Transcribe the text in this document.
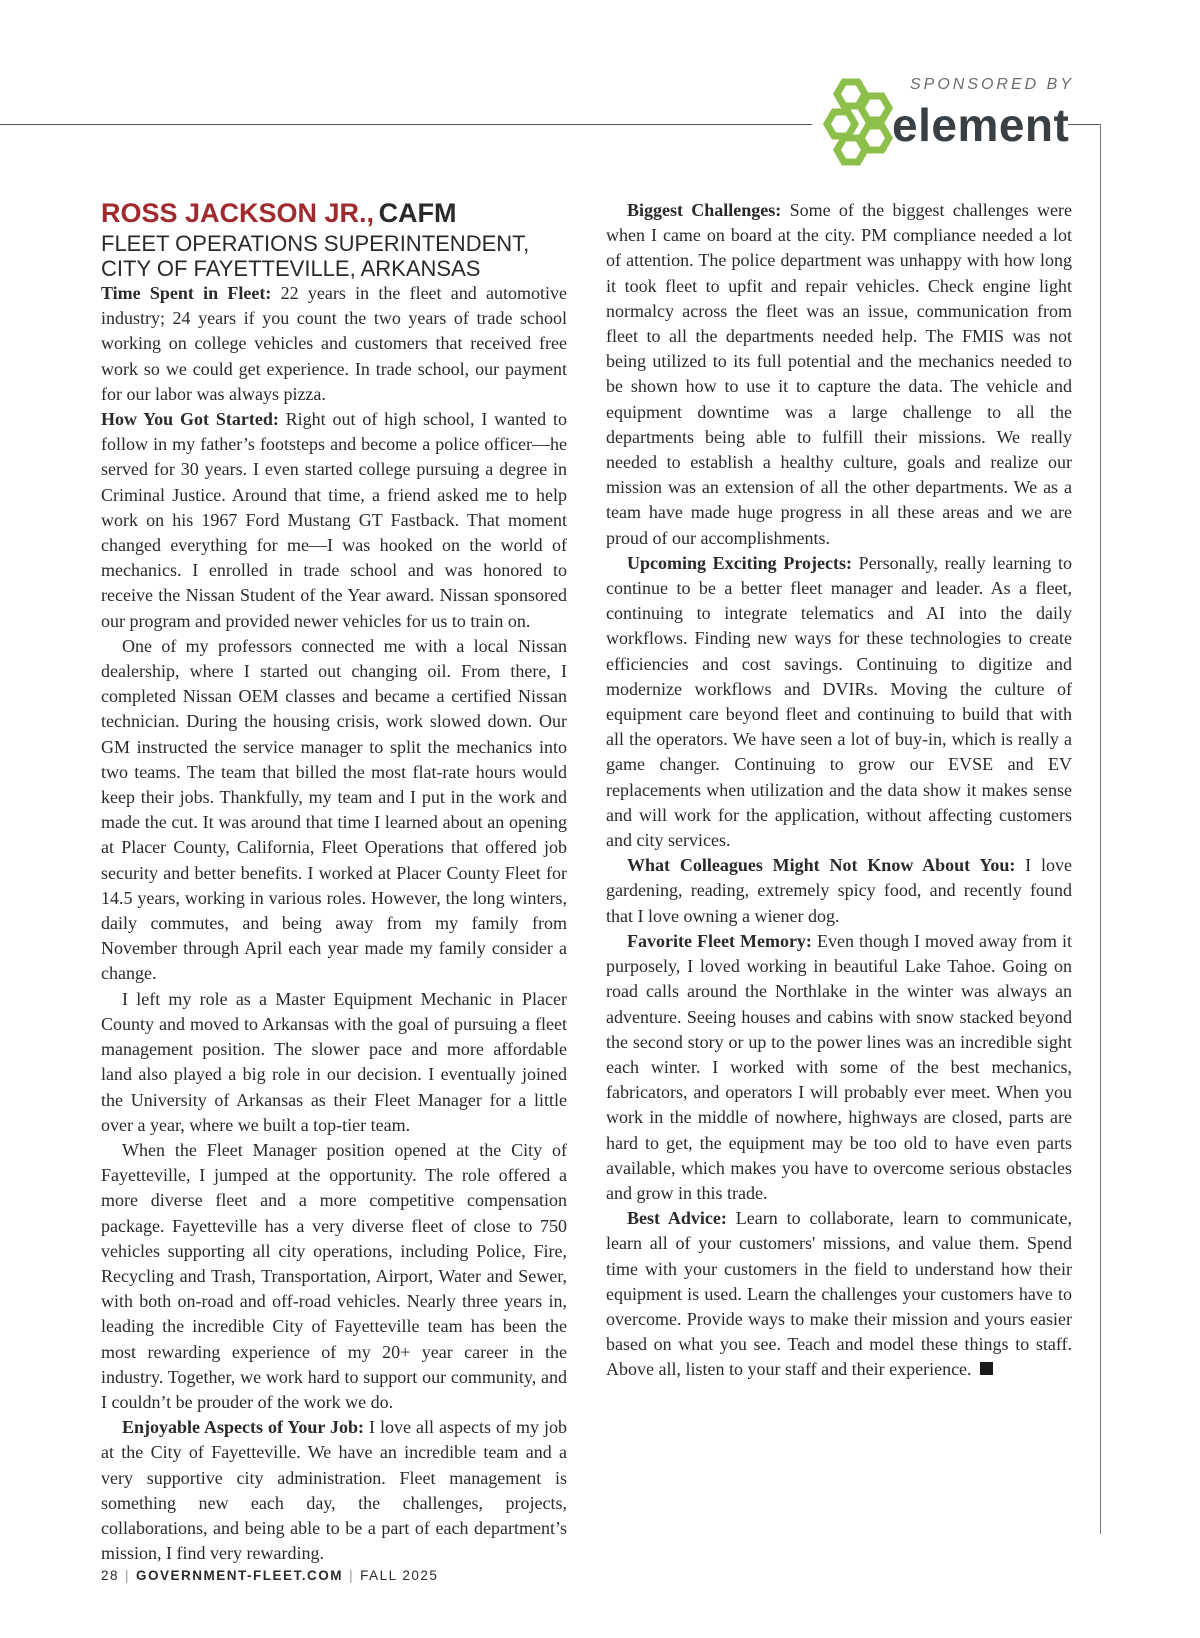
SPONSORED BY
element

ROSS JACKSON JR., CAFM

FLEET OPERATIONS SUPERINTENDENT,

CITY OF FAYETTEVILLE, ARKANSAS

Time Spent in Fleet: 22 years in the fleet and automotive industry; 24 years if you count the two years of trade school working on college vehicles and customers that received free work so we could get experience. In trade school, our payment for our labor was always pizza.

How You Got Started: Right out of high school, I wanted to follow in my father’s footsteps and become a police officer—he served for 30 years. I even started college pursuing a degree in Criminal Justice. Around that time, a friend asked me to help work on his 1967 Ford Mustang GT Fastback. That moment changed everything for me—I was hooked on the world of mechanics. I enrolled in trade school and was honored to receive the Nissan Student of the Year award. Nissan sponsored our program and provided newer vehicles for us to train on.

One of my professors connected me with a local Nissan dealership, where I started out changing oil. From there, I completed Nissan OEM classes and became a certified Nissan technician. During the housing crisis, work slowed down. Our GM instructed the service manager to split the mechanics into two teams. The team that billed the most flat-rate hours would keep their jobs. Thankfully, my team and I put in the work and made the cut. It was around that time I learned about an opening at Placer County, California, Fleet Operations that offered job security and better benefits. I worked at Placer County Fleet for 14.5 years, working in various roles. However, the long winters, daily commutes, and being away from my family from November through April each year made my family consider a change.

I left my role as a Master Equipment Mechanic in Placer County and moved to Arkansas with the goal of pursuing a fleet management position. The slower pace and more affordable land also played a big role in our decision. I eventually joined the University of Arkansas as their Fleet Manager for a little over a year, where we built a top-tier team.

When the Fleet Manager position opened at the City of Fayetteville, I jumped at the opportunity. The role offered a more diverse fleet and a more competitive compensation package. Fayetteville has a very diverse fleet of close to 750 vehicles supporting all city operations, including Police, Fire, Recycling and Trash, Transportation, Airport, Water and Sewer, with both on-road and off-road vehicles. Nearly three years in, leading the incredible City of Fayetteville team has been the most rewarding experience of my 20+ year career in the industry. Together, we work hard to support our community, and I couldn’t be prouder of the work we do.

Enjoyable Aspects of Your Job: I love all aspects of my job at the City of Fayetteville. We have an incredible team and a very supportive city administration. Fleet management is something new each day, the challenges, projects, collaborations, and being able to be a part of each department’s mission, I find very rewarding.

Biggest Challenges: Some of the biggest challenges were when I came on board at the city. PM compliance needed a lot of attention. The police department was unhappy with how long it took fleet to upfit and repair vehicles. Check engine light normalcy across the fleet was an issue, communication from fleet to all the departments needed help. The FMIS was not being utilized to its full potential and the mechanics needed to be shown how to use it to capture the data. The vehicle and equipment downtime was a large challenge to all the departments being able to fulfill their missions. We really needed to establish a healthy culture, goals and realize our mission was an extension of all the other departments. We as a team have made huge progress in all these areas and we are proud of our accomplishments.

Upcoming Exciting Projects: Personally, really learning to continue to be a better fleet manager and leader. As a fleet, continuing to integrate telematics and AI into the daily workflows. Finding new ways for these technologies to create efficiencies and cost savings. Continuing to digitize and modernize workflows and DVIRs. Moving the culture of equipment care beyond fleet and continuing to build that with all the operators. We have seen a lot of buy-in, which is really a game changer. Continuing to grow our EVSE and EV replacements when utilization and the data show it makes sense and will work for the application, without affecting customers and city services.

What Colleagues Might Not Know About You: I love gardening, reading, extremely spicy food, and recently found that I love owning a wiener dog.

Favorite Fleet Memory: Even though I moved away from it purposely, I loved working in beautiful Lake Tahoe. Going on road calls around the Northlake in the winter was always an adventure. Seeing houses and cabins with snow stacked beyond the second story or up to the power lines was an incredible sight each winter. I worked with some of the best mechanics, fabricators, and operators I will probably ever meet. When you work in the middle of nowhere, highways are closed, parts are hard to get, the equipment may be too old to have even parts available, which makes you have to overcome serious obstacles and grow in this trade.

Best Advice: Learn to collaborate, learn to communicate, learn all of your customers' missions, and value them. Spend time with your customers in the field to understand how their equipment is used. Learn the challenges your customers have to overcome. Provide ways to make their mission and yours easier based on what you see. Teach and model these things to staff. Above all, listen to your staff and their experience.

28 | GOVERNMENT-FLEET.COM | FALL 2025
